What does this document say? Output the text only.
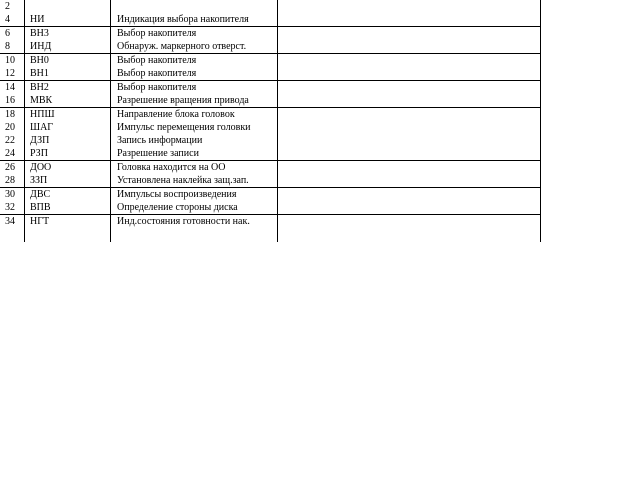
2
4 НИ	Индикация выбора накопителя
6 ВН3	Выбор накопителя
8 ИНД	Обнаруж. маркерного отверст.
10 ВН0	Выбор накопителя
12 ВН1	Выбор накопителя
14 ВН2	Выбор накопителя
16 МВК	Разрешение вращения привода
18 НПШ	Направление блока головок
20 ШАГ	Импульс перемещения головки
22 ДЗП	Запись информации
24 РЗП	Разрешение записи
26 ДОО	Головка находится на ОО
28 ЗЗП	Установлена наклейка защ.зап.
30 ДВС	Импульсы воспроизведения
32 ВПВ	Определение стороны диска
34 НГТ	Инд.состояния готовности нак.
